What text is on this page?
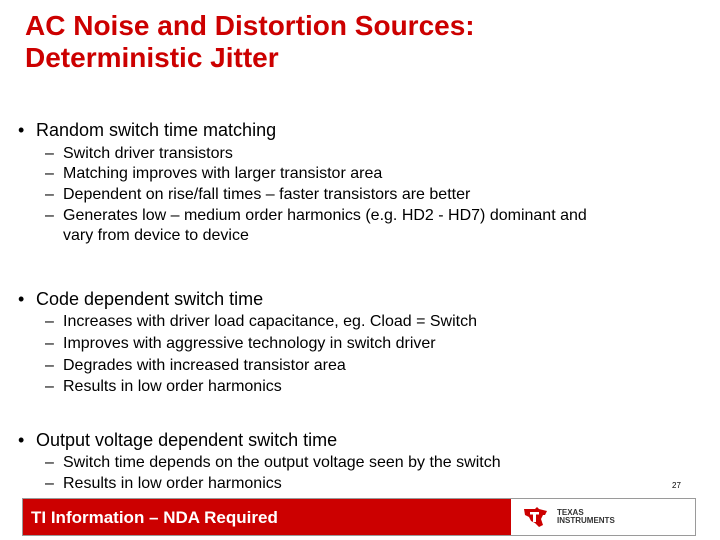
AC Noise and Distortion Sources:
Deterministic Jitter
• Random switch time matching
– Switch driver transistors
– Matching improves with larger transistor area
– Dependent on rise/fall times – faster transistors are better
– Generates low – medium order harmonics (e.g. HD2 - HD7) dominant and
vary from device to device
• Code dependent switch time
– Increases with driver load capacitance, eg. Cload = Switch
– Improves with aggressive technology in switch driver
– Degrades with increased transistor area
– Results in low order harmonics
• Output voltage dependent switch time
– Switch time depends on the output voltage seen by the switch
– Results in low order harmonics	27
TI Information – NDA Required	TEXAS
INSTRUMENTS
